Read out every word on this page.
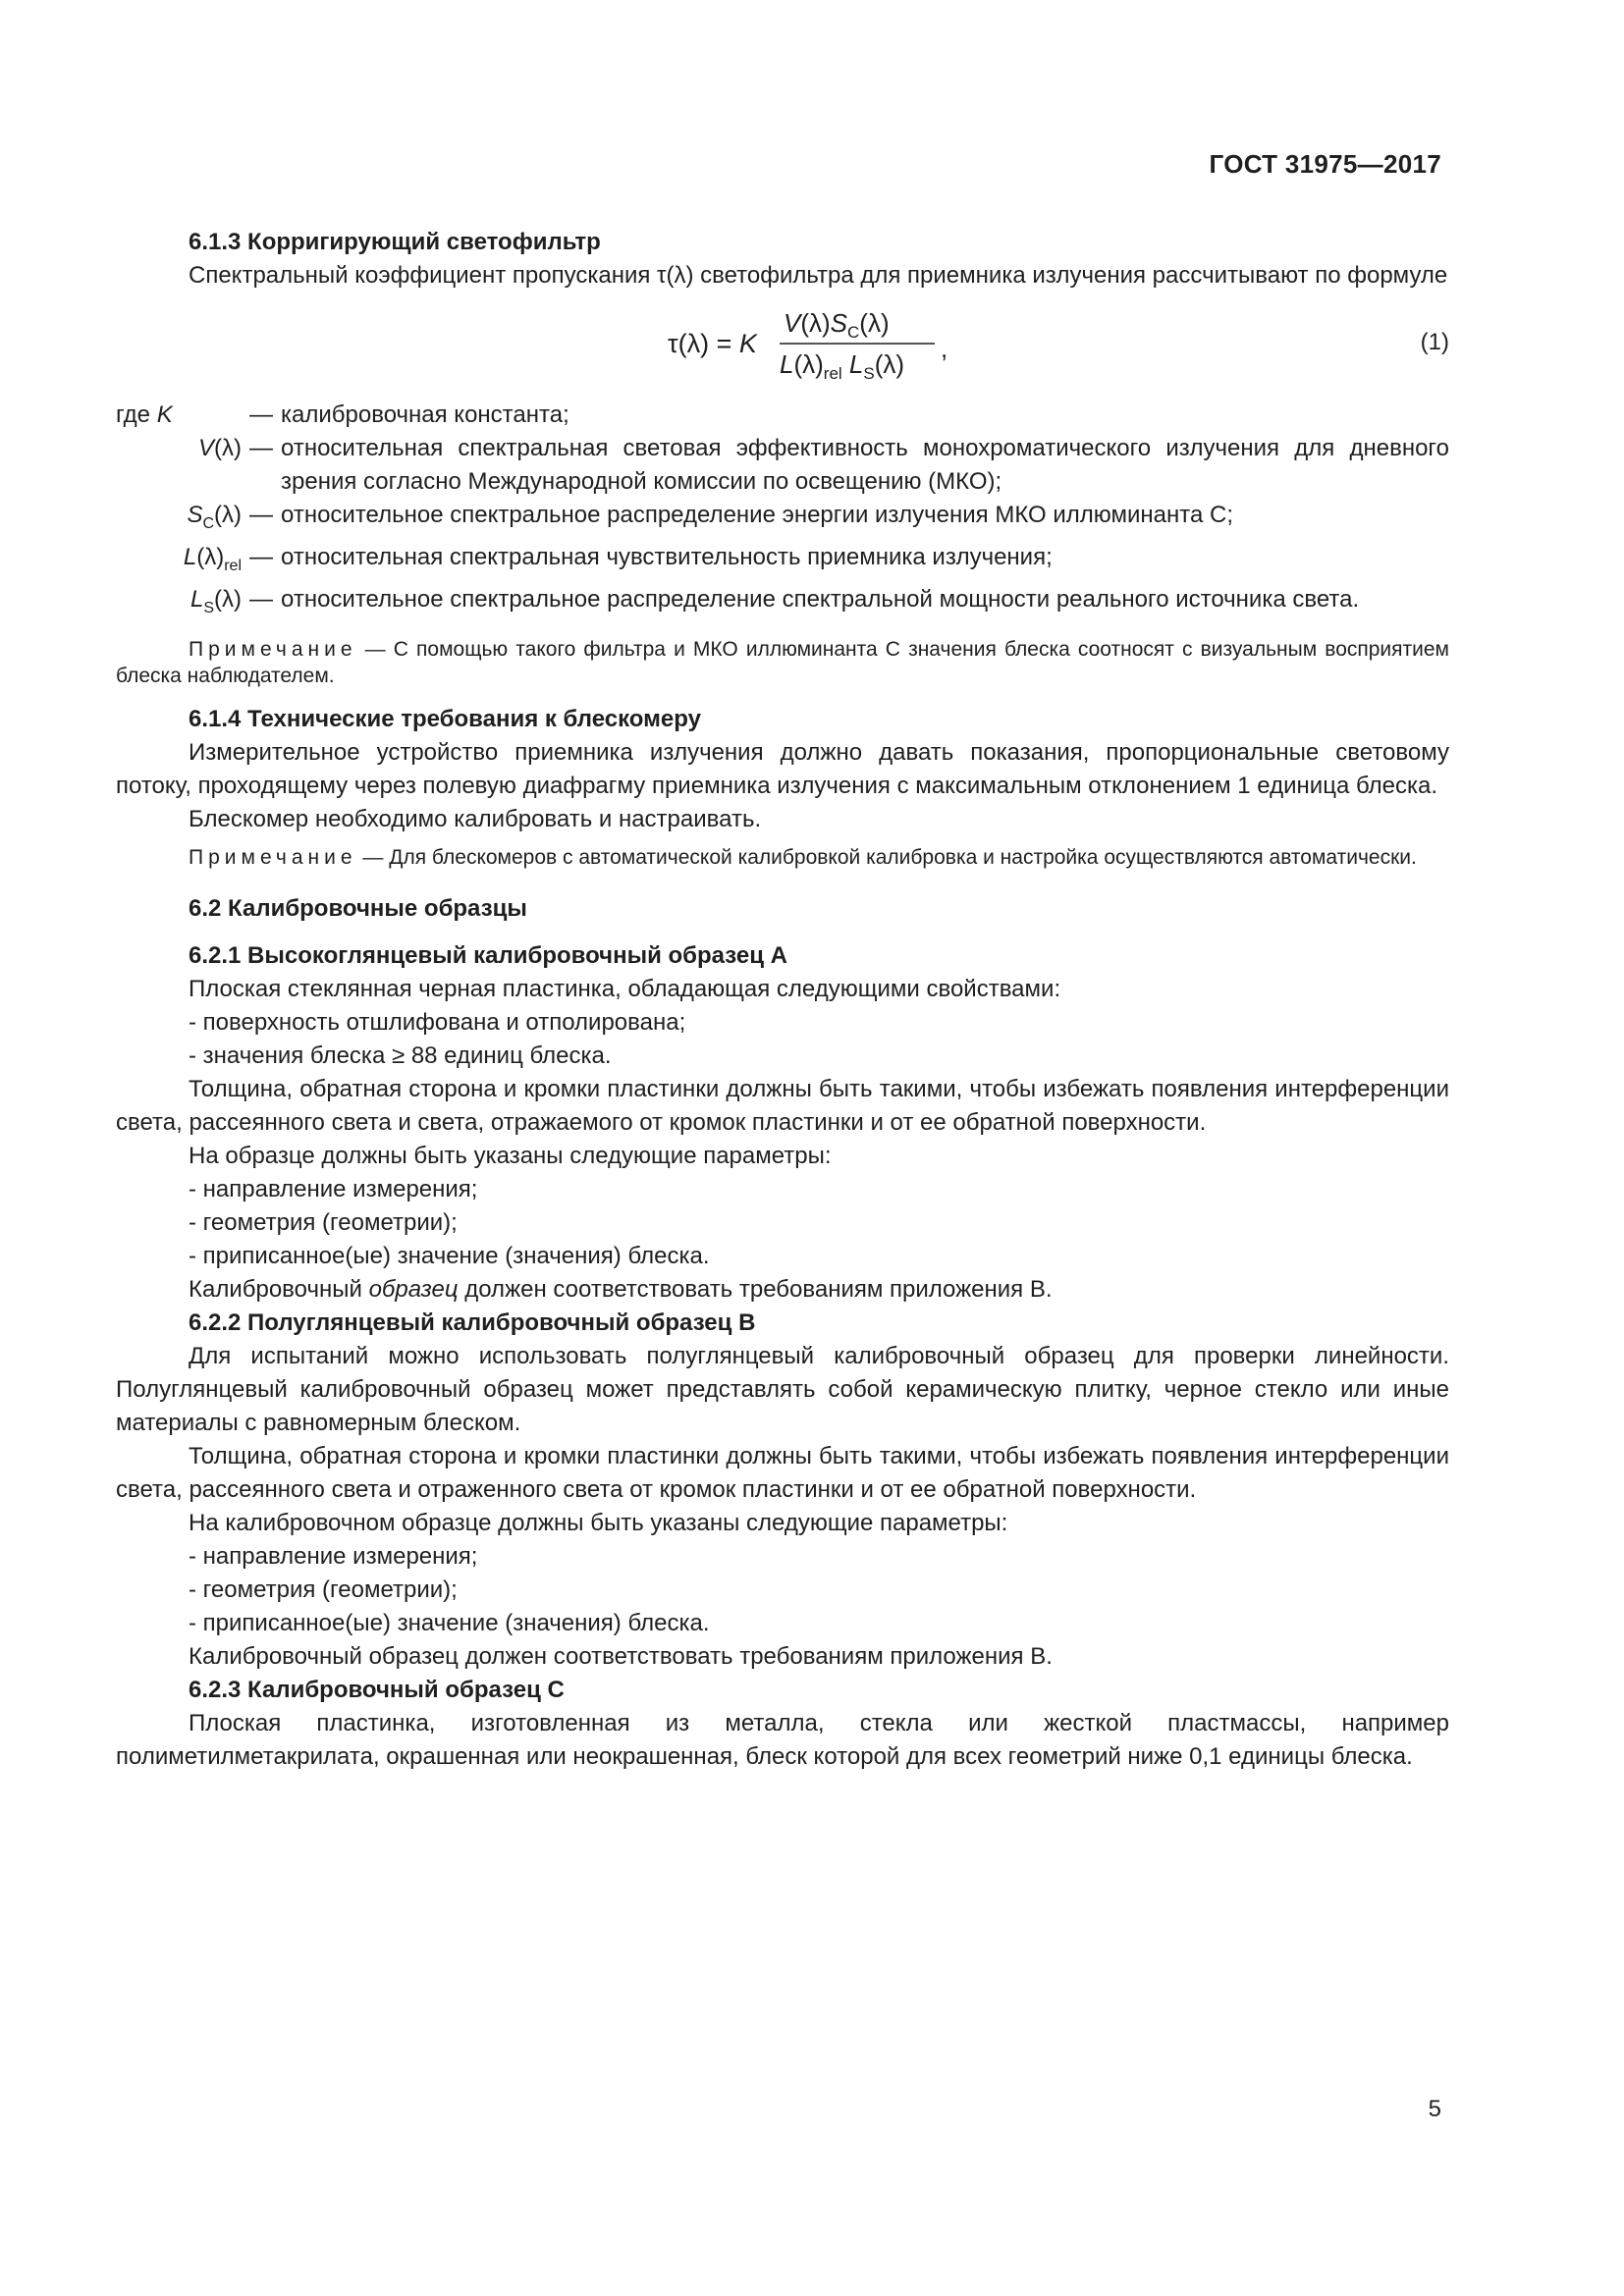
ГОСТ 31975—2017

6.1.3 Корригирующий светофильтр

Спектральный коэффициент пропускания τ(λ) светофильтра для приемника излучения рассчитывают по формуле

τ(λ) = K
$V(\lambda)S_C(\lambda)$
$L(\lambda)_{rel}$ $L_S(\lambda)$
,	(1)
где K	— калибровочная константа;
V(λ) — относительная спектральная световая эффективность монохроматического излучения для дневного зрения согласно Международной комиссии по освещению (МКО);
$S_C(\lambda)$ — относительное спектральное распределение энергии излучения МКО иллюминанта С;
$L(\lambda)_{rel}$ — относительная спектральная чувствительность приемника излучения;
$L_S(\lambda)$ — относительное спектральное распределение спектральной мощности реального источника света.

Примечание — С помощью такого фильтра и МКО иллюминанта С значения блеска соотносят с визуальным восприятием блеска наблюдателем.

6.1.4 Технические требования к блескомеру

Измерительное устройство приемника излучения должно давать показания, пропорциональные световому потоку, проходящему через полевую диафрагму приемника излучения с максимальным отклонением 1 единица блеска.

Блескомер необходимо калибровать и настраивать.

Примечание — Для блескомеров с автоматической калибровкой калибровка и настройка осуществляются автоматически.

6.2 Калибровочные образцы

6.2.1 Высокоглянцевый калибровочный образец А

Плоская стеклянная черная пластинка, обладающая следующими свойствами:

- поверхность отшлифована и отполирована;

- значения блеска ≥ 88 единиц блеска.

Толщина, обратная сторона и кромки пластинки должны быть такими, чтобы избежать появления интерференции света, рассеянного света и света, отражаемого от кромок пластинки и от ее обратной поверхности.

На образце должны быть указаны следующие параметры:

- направление измерения;

- геометрия (геометрии);

- приписанное(ые) значение (значения) блеска.

Калибровочный образец должен соответствовать требованиям приложения В.

6.2.2 Полуглянцевый калибровочный образец В

Для испытаний можно использовать полуглянцевый калибровочный образец для проверки линейности. Полуглянцевый калибровочный образец может представлять собой керамическую плитку, черное стекло или иные материалы с равномерным блеском.

Толщина, обратная сторона и кромки пластинки должны быть такими, чтобы избежать появления интерференции света, рассеянного света и отраженного света от кромок пластинки и от ее обратной поверхности.

На калибровочном образце должны быть указаны следующие параметры:

- направление измерения;

- геометрия (геометрии);

- приписанное(ые) значение (значения) блеска.

Калибровочный образец должен соответствовать требованиям приложения В.

6.2.3 Калибровочный образец С

Плоская пластинка, изготовленная из металла, стекла или жесткой пластмассы, например полиметилметакрилата, окрашенная или неокрашенная, блеск которой для всех геометрий ниже 0,1 единицы блеска.

5
